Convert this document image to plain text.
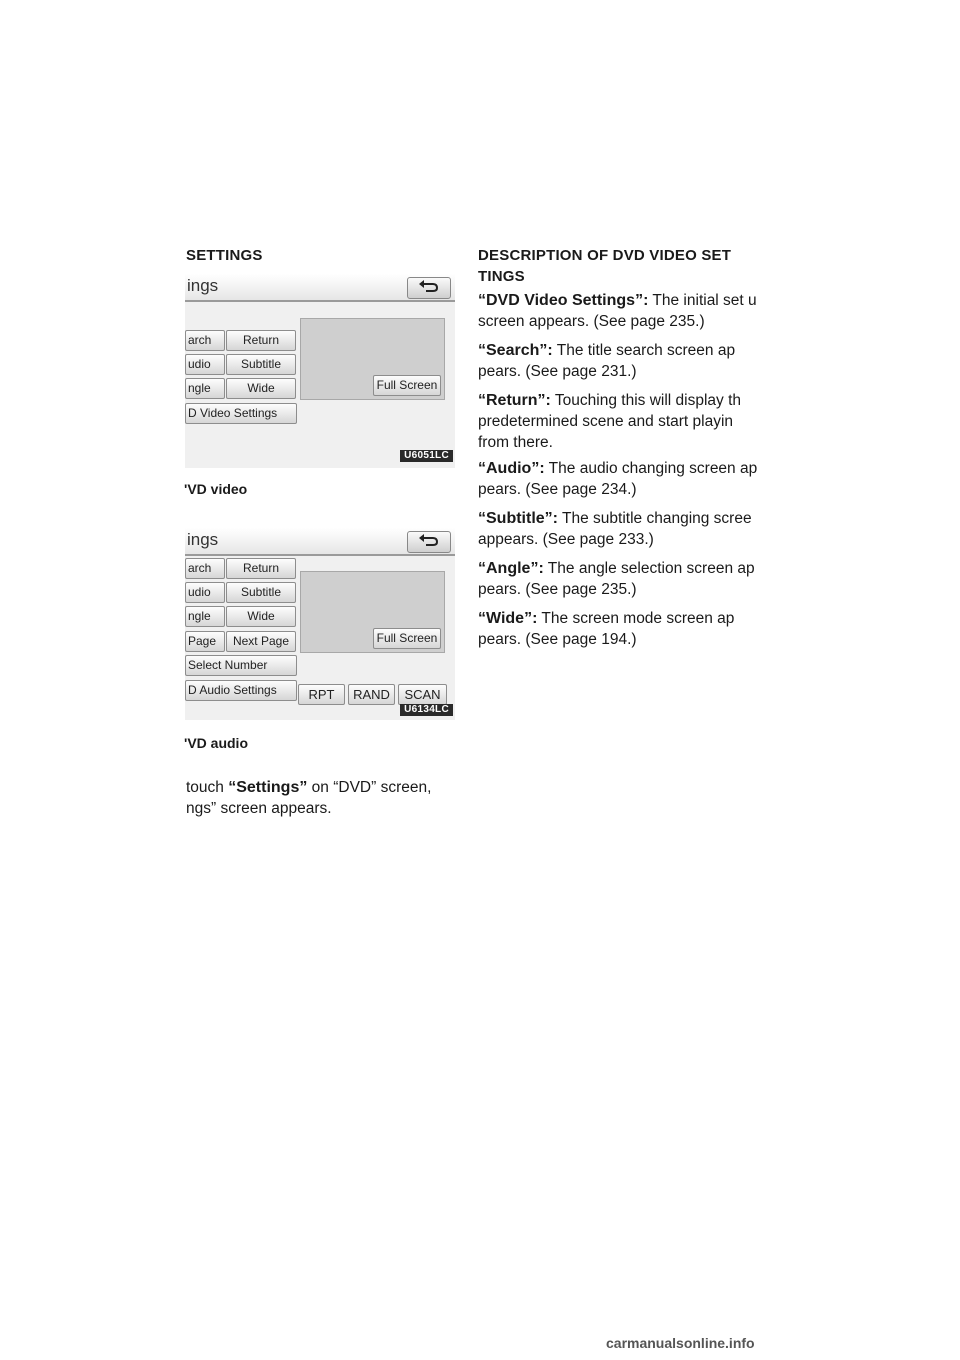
SETTINGS
ings
arch	Return
udio	Subtitle
ngle	Wide
D Video Settings
Full Screen
U6051LC
'VD video
ings
arch	Return
udio	Subtitle
ngle	Wide
Page	Next Page
Select Number
D Audio Settings
Full Screen
RPT	RAND	SCAN
U6134LC
'VD audio
touch “Settings” on “DVD” screen,
ngs” screen appears.
DESCRIPTION OF DVD VIDEO SET
TINGS
“DVD Video Settings”: The initial set u
screen appears. (See page 235.)
“Search”: The title search screen ap
pears. (See page 231.)
“Return”: Touching this will display th
predetermined scene and start playin
from there.
“Audio”: The audio changing screen ap
pears. (See page 234.)
“Subtitle”: The subtitle changing scree
appears. (See page 233.)
“Angle”: The angle selection screen ap
pears. (See page 235.)
“Wide”: The screen mode screen ap
pears. (See page 194.)
carmanualsonline.info
